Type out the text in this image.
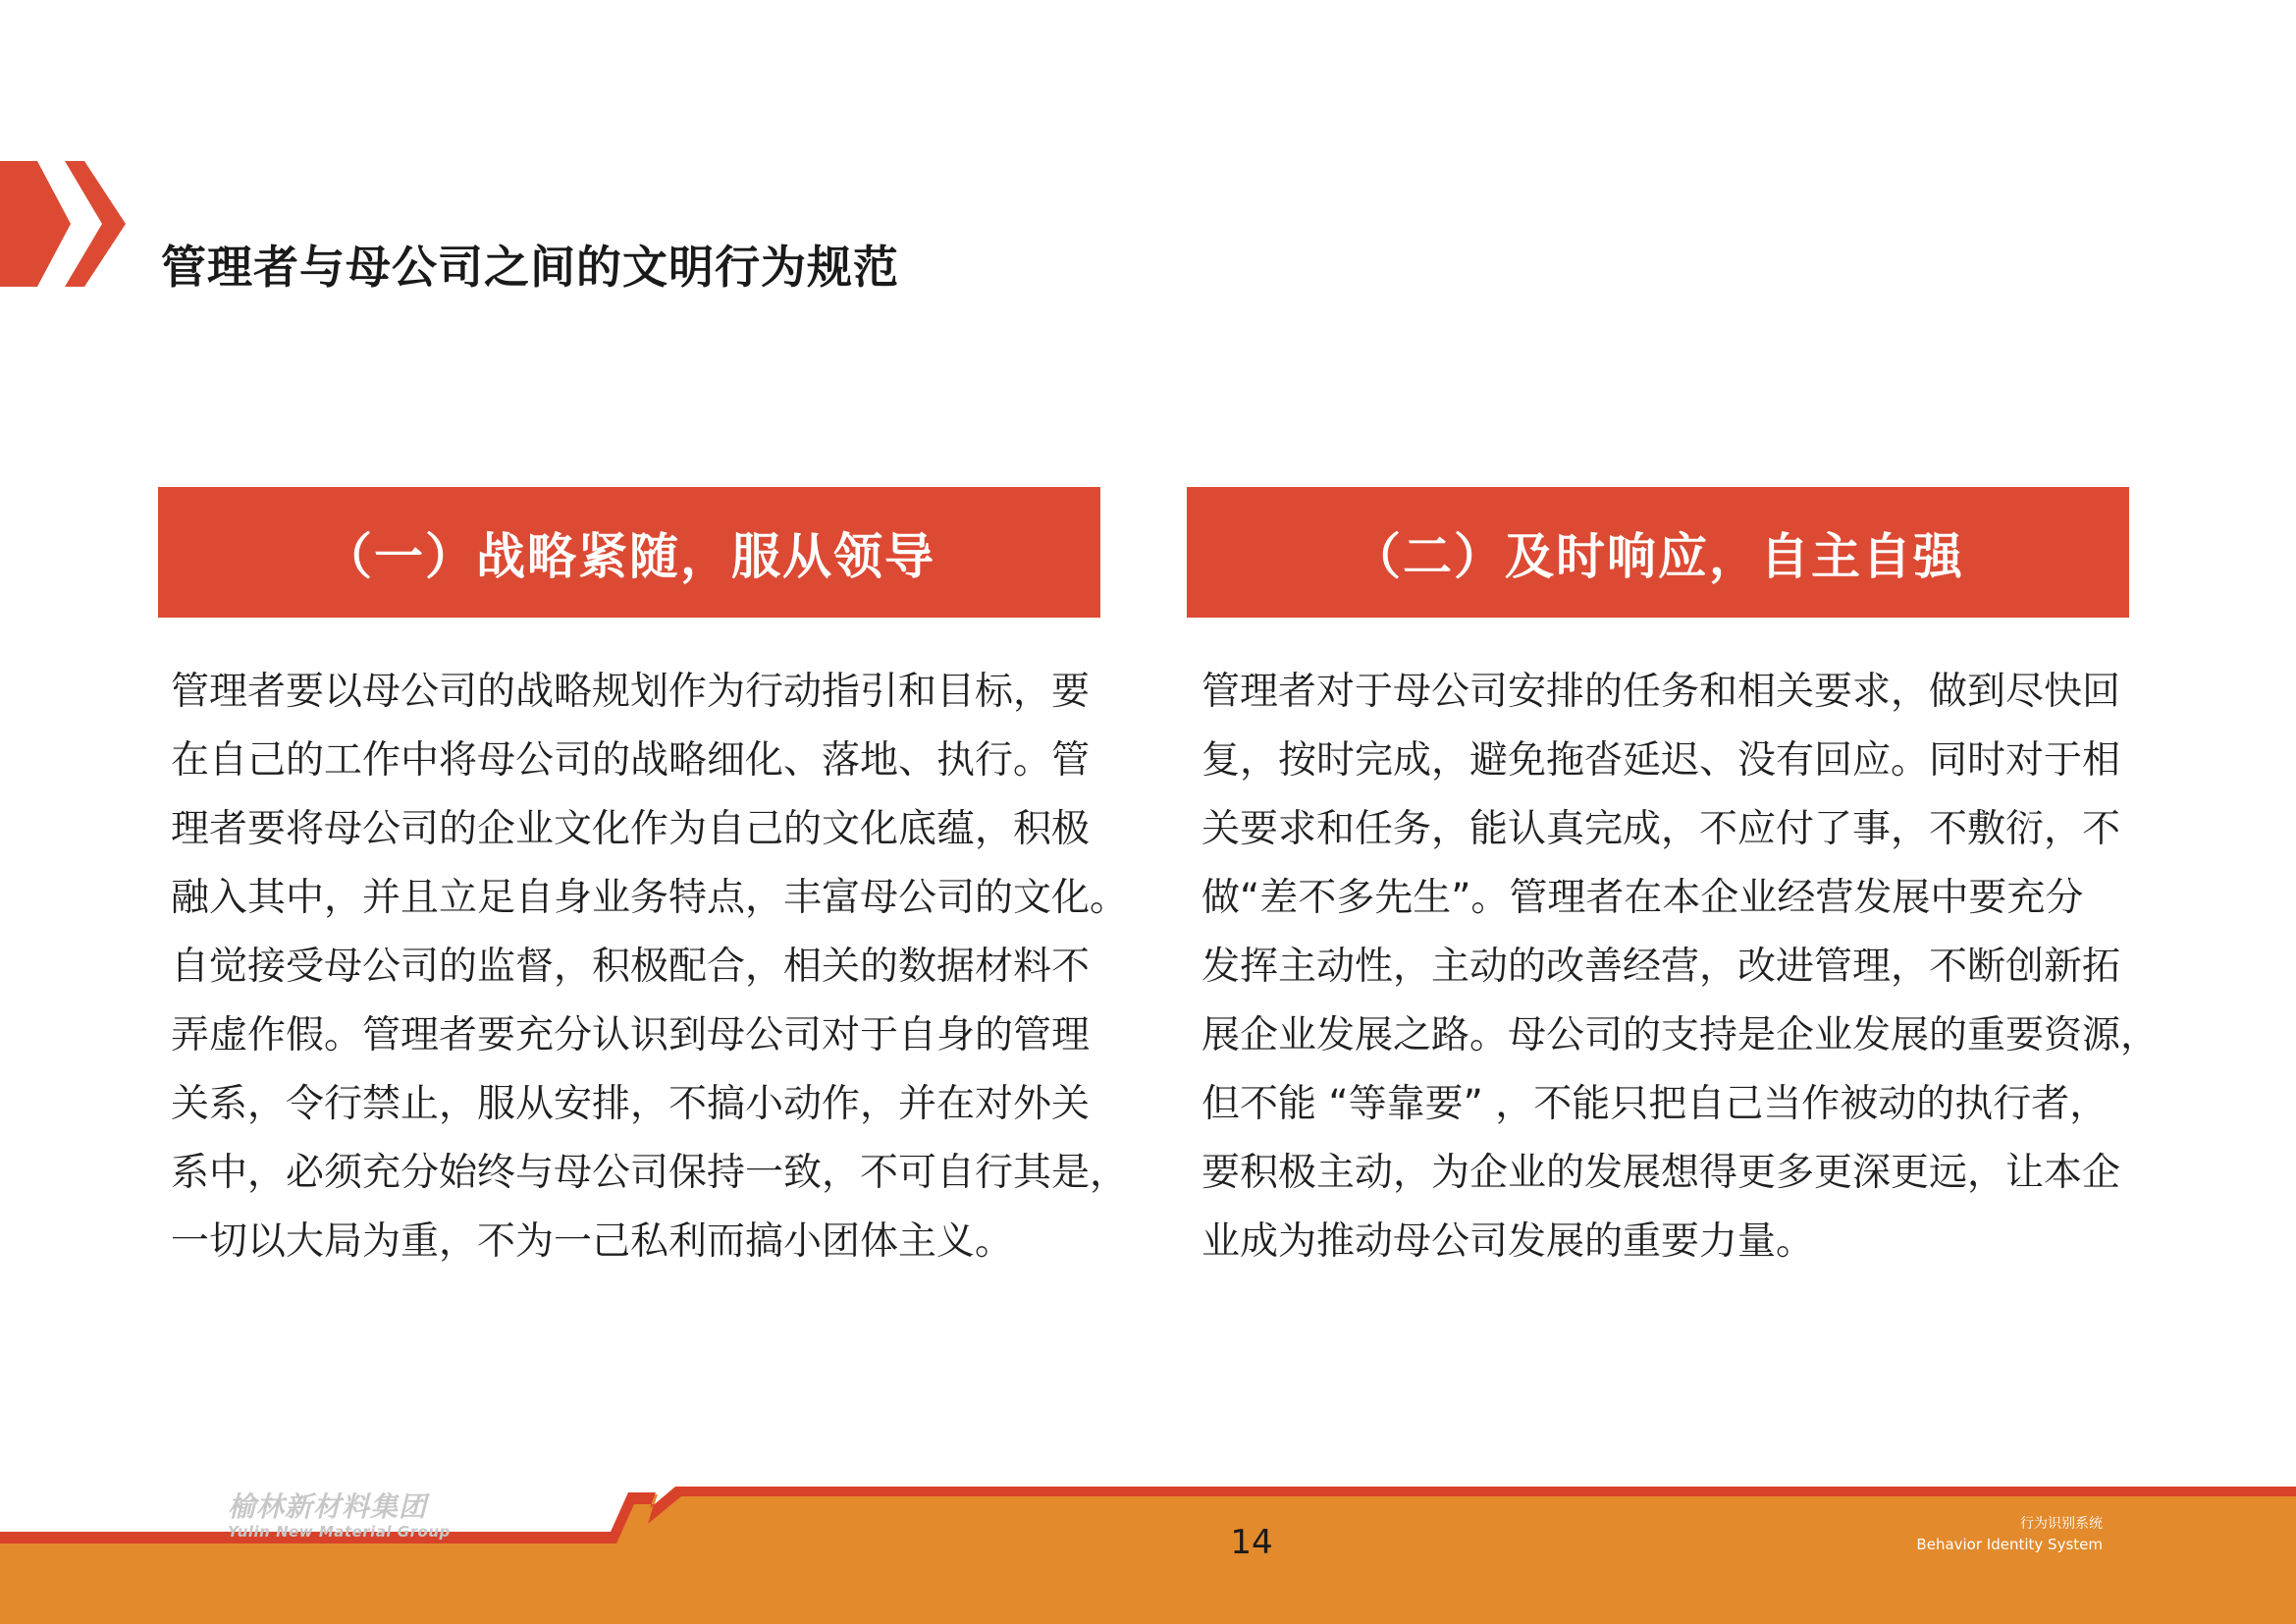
管理者与母公司之间的文明行为规范
（一）战略紧随，服从领导
管理者要以母公司的战略规划作为行动指引和目标，要
在自己的工作中将母公司的战略细化、落地、执行。管
理者要将母公司的企业文化作为自己的文化底蕴，积极
融入其中，并且立足自身业务特点，丰富母公司的文化。
自觉接受母公司的监督，积极配合，相关的数据材料不
弄虚作假。管理者要充分认识到母公司对于自身的管理
关系，令行禁止，服从安排，不搞小动作，并在对外关
系中，必须充分始终与母公司保持一致，不可自行其是，
一切以大局为重，不为一己私利而搞小团体主义。
（二）及时响应，自主自强
管理者对于母公司安排的任务和相关要求，做到尽快回
复，按时完成，避免拖沓延迟、没有回应。同时对于相
关要求和任务，能认真完成，不应付了事，不敷衍，不
做“差不多先生”。管理者在本企业经营发展中要充分
发挥主动性，主动的改善经营，改进管理，不断创新拓
展企业发展之路。母公司的支持是企业发展的重要资源，
但不能 “等靠要” ，不能只把自己当作被动的执行者，
要积极主动，为企业的发展想得更多更深更远，让本企
业成为推动母公司发展的重要力量。
榆林新材料集团
Yulin New Material Group	14	行为识别系统
Behavior Identity System
